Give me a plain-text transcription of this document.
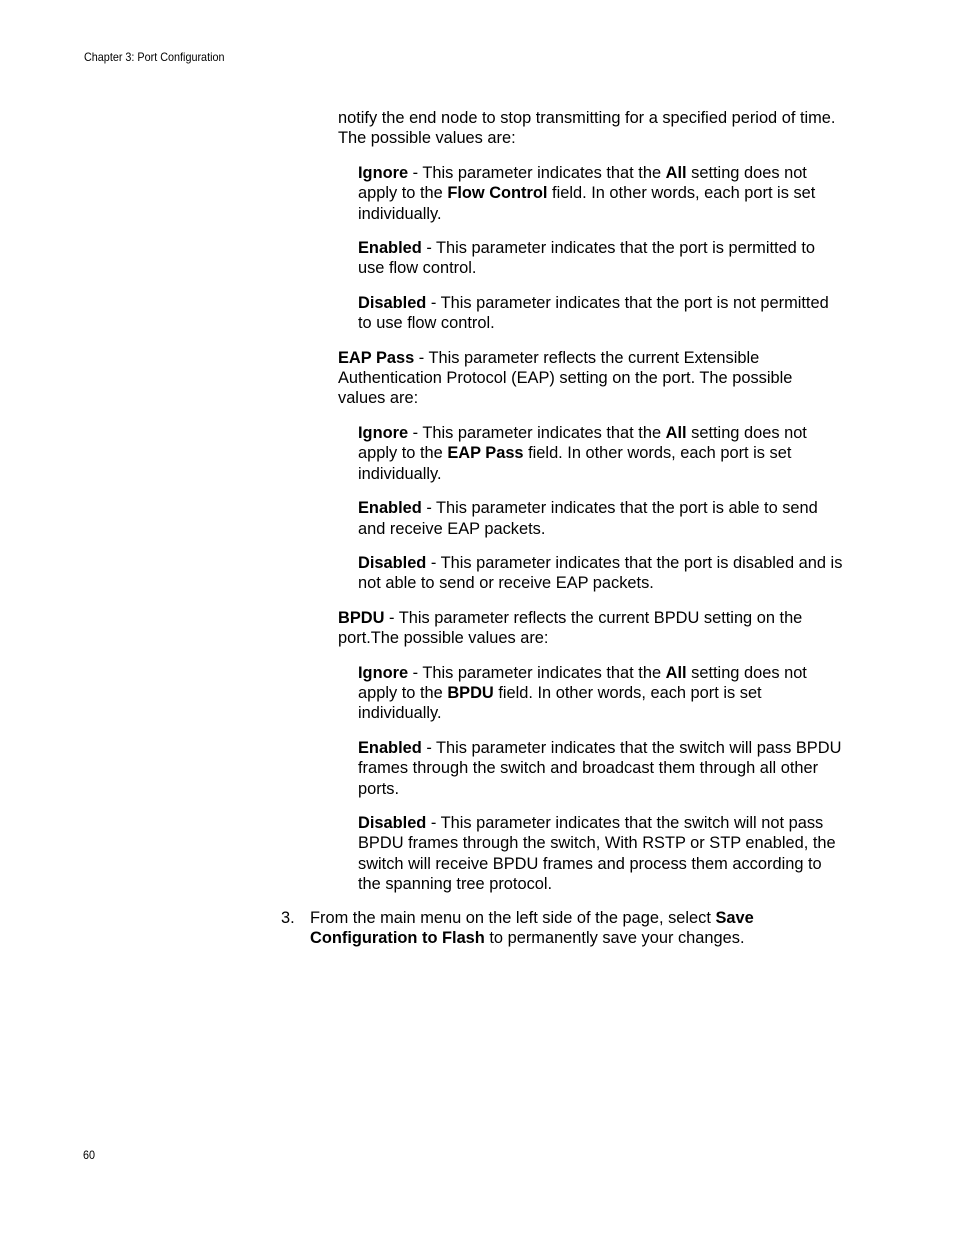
Chapter 3: Port Configuration

notify the end node to stop transmitting for a specified period of time. The possible values are:

Ignore - This parameter indicates that the All setting does not apply to the Flow Control field. In other words, each port is set individually.

Enabled - This parameter indicates that the port is permitted to use flow control.

Disabled - This parameter indicates that the port is not permitted to use flow control.

EAP Pass - This parameter reflects the current Extensible Authentication Protocol (EAP) setting on the port. The possible values are:

Ignore - This parameter indicates that the All setting does not apply to the EAP Pass field. In other words, each port is set individually.

Enabled - This parameter indicates that the port is able to send and receive EAP packets.

Disabled - This parameter indicates that the port is disabled and is not able to send or receive EAP packets.

BPDU - This parameter reflects the current BPDU setting on the port.The possible values are:

Ignore - This parameter indicates that the All setting does not apply to the BPDU field. In other words, each port is set individually.

Enabled - This parameter indicates that the switch will pass BPDU frames through the switch and broadcast them through all other ports.

Disabled - This parameter indicates that the switch will not pass BPDU frames through the switch, With RSTP or STP enabled, the switch will receive BPDU frames and process them according to the spanning tree protocol.

3. From the main menu on the left side of the page, select Save Configuration to Flash to permanently save your changes.
60
